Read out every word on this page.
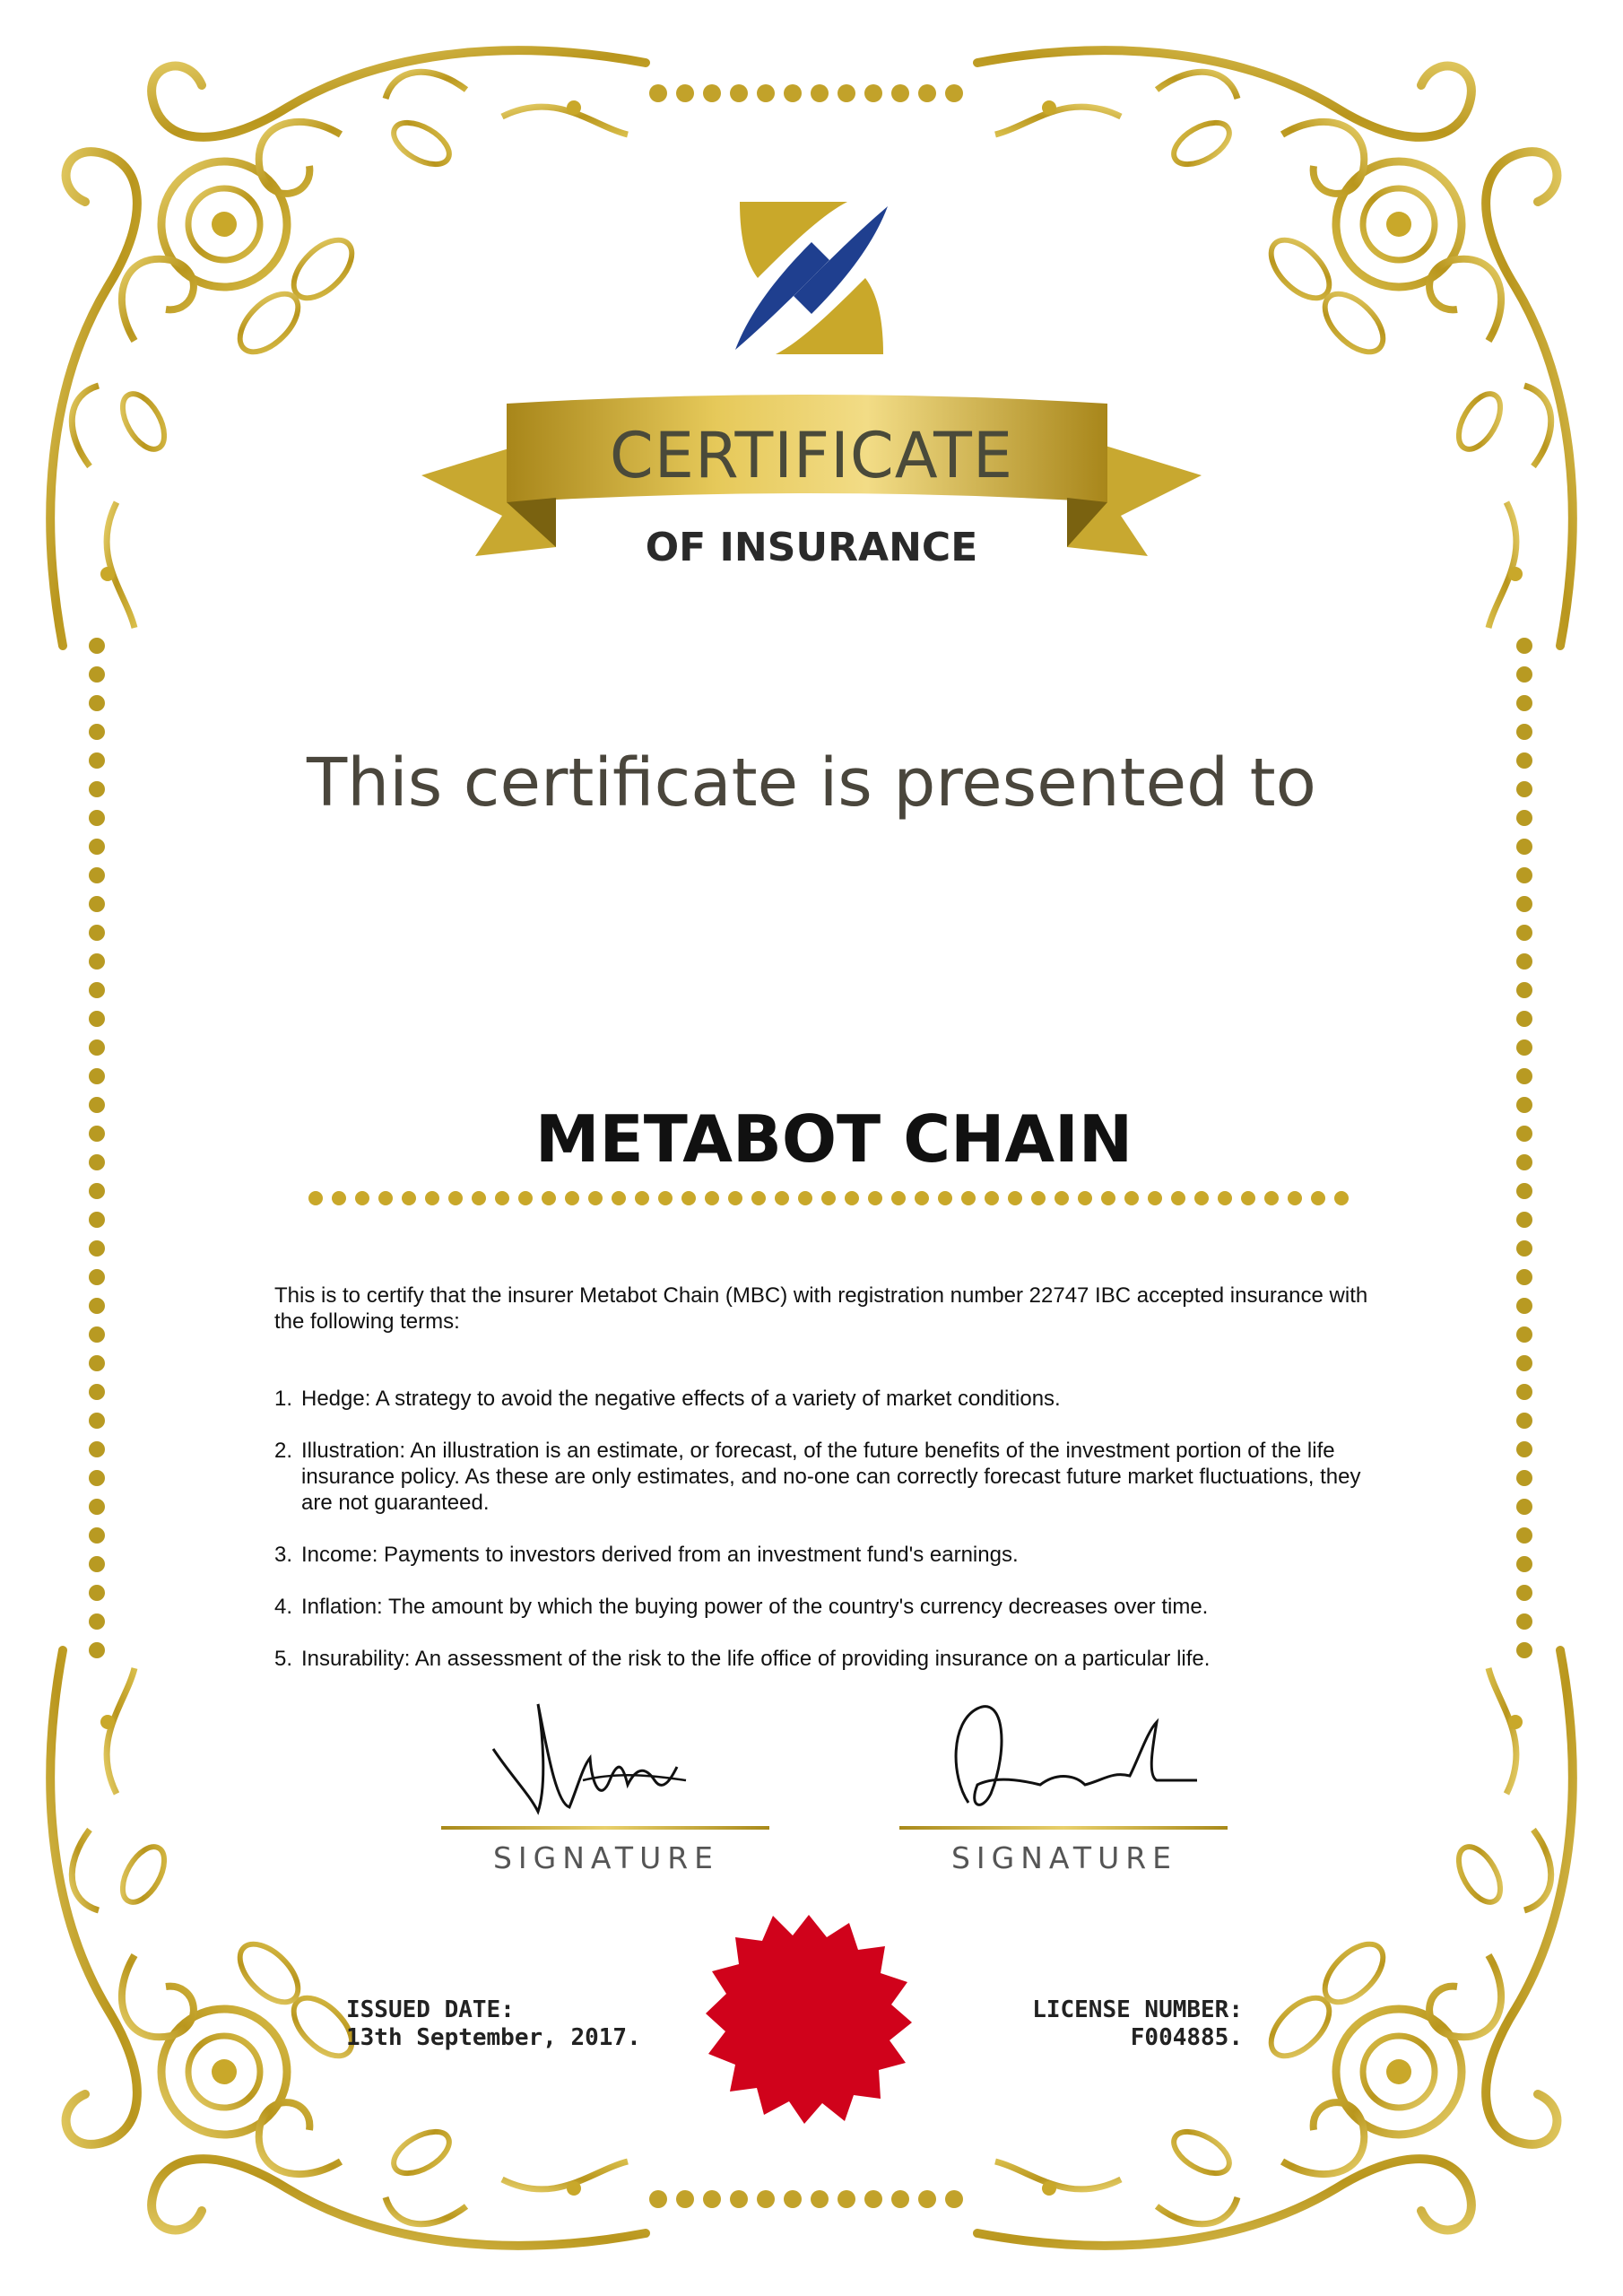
CERTIFICATE
OF INSURANCE
This certificate is presented to
METABOT CHAIN
This is to certify that the insurer Metabot Chain (MBC) with registration number 22747 IBC accepted insurance with the following terms:
1. Hedge: A strategy to avoid the negative effects of a variety of market conditions.
2. Illustration: An illustration is an estimate, or forecast, of the future benefits of the investment portion of the life insurance policy. As these are only estimates, and no-one can correctly forecast future market fluctuations, they are not guaranteed.
3. Income: Payments to investors derived from an investment fund's earnings.
4. Inflation: The amount by which the buying power of the country's currency decreases over time.
5. Insurability: An assessment of the risk to the life office of providing insurance on a particular life.
SIGNATURE	SIGNATURE
ISSUED DATE:
13th September, 2017.
LICENSE NUMBER:
F004885.
